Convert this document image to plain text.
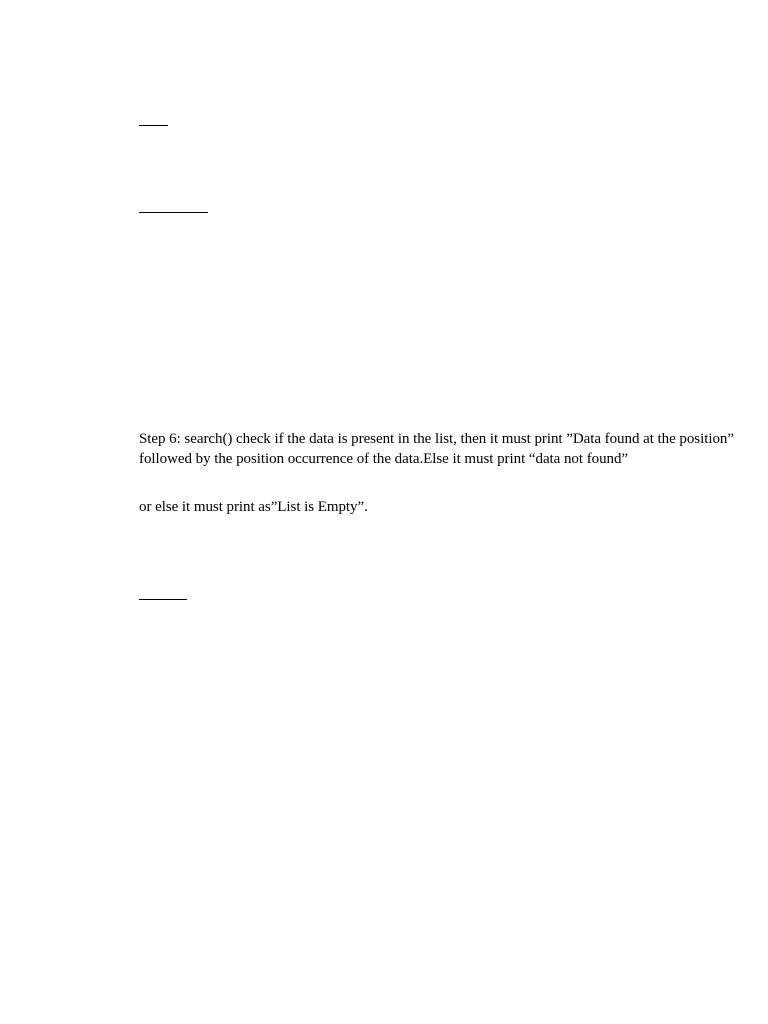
Step 6: search() check if the data is present in the list, then it must print ”Data found at the position”
followed by the position occurrence of the data.Else it must print “data not found”
or else it must print as”List is Empty”.
